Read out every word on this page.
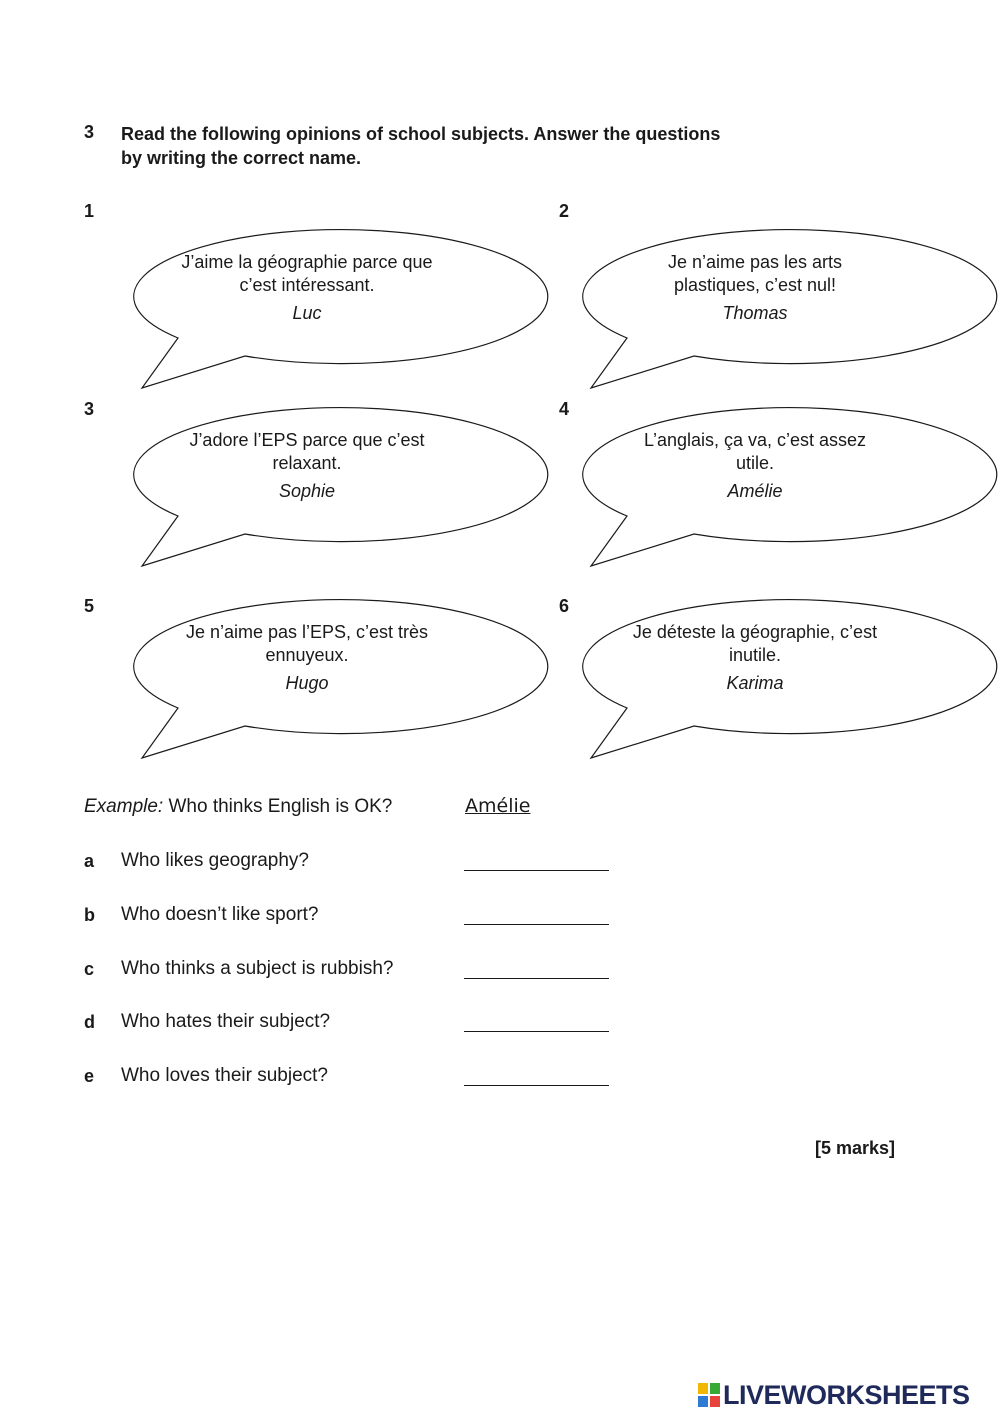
3 Read the following opinions of school subjects. Answer the questions
by writing the correct name.
1	2
3	4
5	6
J’aime la géographie parce que
c’est intéressant.
Luc
Je n’aime pas les arts
plastiques, c’est nul!
Thomas
J’adore l’EPS parce que c’est
relaxant.
Sophie
L’anglais, ça va, c’est assez
utile.
Amélie
Je n’aime pas l’EPS, c’est très
ennuyeux.
Hugo
Je déteste la géographie, c’est
inutile.
Karima
Example: Who thinks English is OK?	Amélie
a Who likes geography?
b Who doesn’t like sport?
c Who thinks a subject is rubbish?
d Who hates their subject?
e Who loves their subject?
[5 marks]
LIVEWORKSHEETS
